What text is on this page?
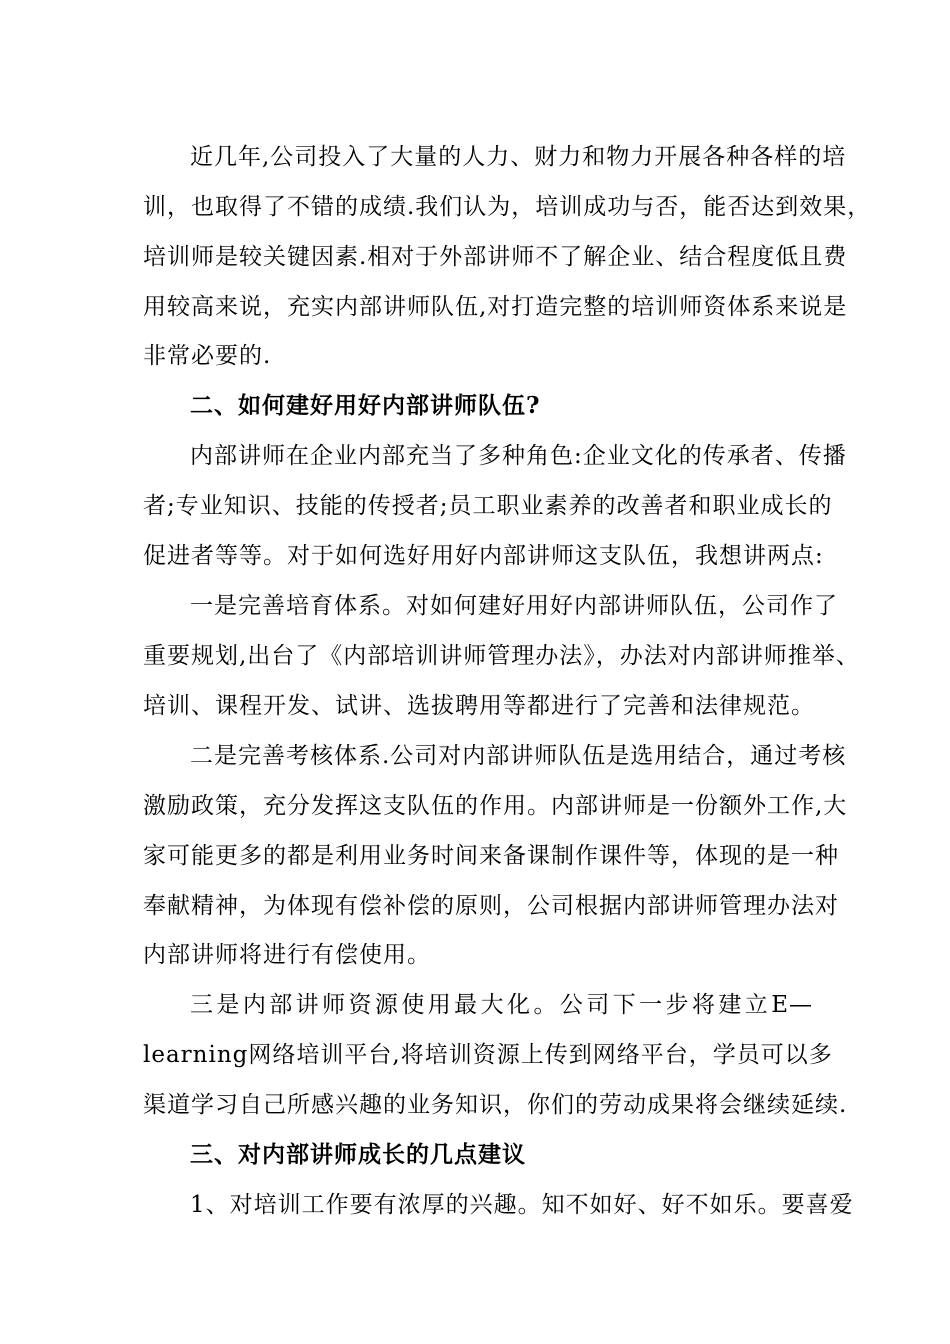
近几年,公司投入了大量的人力、财力和物力开展各种各样的培
训，也取得了不错的成绩.我们认为，培训成功与否，能否达到效果，
培训师是较关键因素.相对于外部讲师不了解企业、结合程度低且费
用较高来说，充实内部讲师队伍,对打造完整的培训师资体系来说是
非常必要的.
二、如何建好用好内部讲师队伍?
内部讲师在企业内部充当了多种角色:企业文化的传承者、传播
者;专业知识、技能的传授者;员工职业素养的改善者和职业成长的
促进者等等。对于如何选好用好内部讲师这支队伍，我想讲两点:
一是完善培育体系。对如何建好用好内部讲师队伍，公司作了
重要规划,出台了《内部培训讲师管理办法》，办法对内部讲师推举、
培训、课程开发、试讲、选拔聘用等都进行了完善和法律规范。
二是完善考核体系.公司对内部讲师队伍是选用结合，通过考核
激励政策，充分发挥这支队伍的作用。内部讲师是一份额外工作,大
家可能更多的都是利用业务时间来备课制作课件等，体现的是一种
奉献精神，为体现有偿补偿的原则，公司根据内部讲师管理办法对
内部讲师将进行有偿使用。
三是内部讲师资源使用最大化。公司下一步将建立E—
learning网络培训平台,将培训资源上传到网络平台，学员可以多
渠道学习自己所感兴趣的业务知识，你们的劳动成果将会继续延续.
三、对内部讲师成长的几点建议
1、对培训工作要有浓厚的兴趣。知不如好、好不如乐。要喜爱
